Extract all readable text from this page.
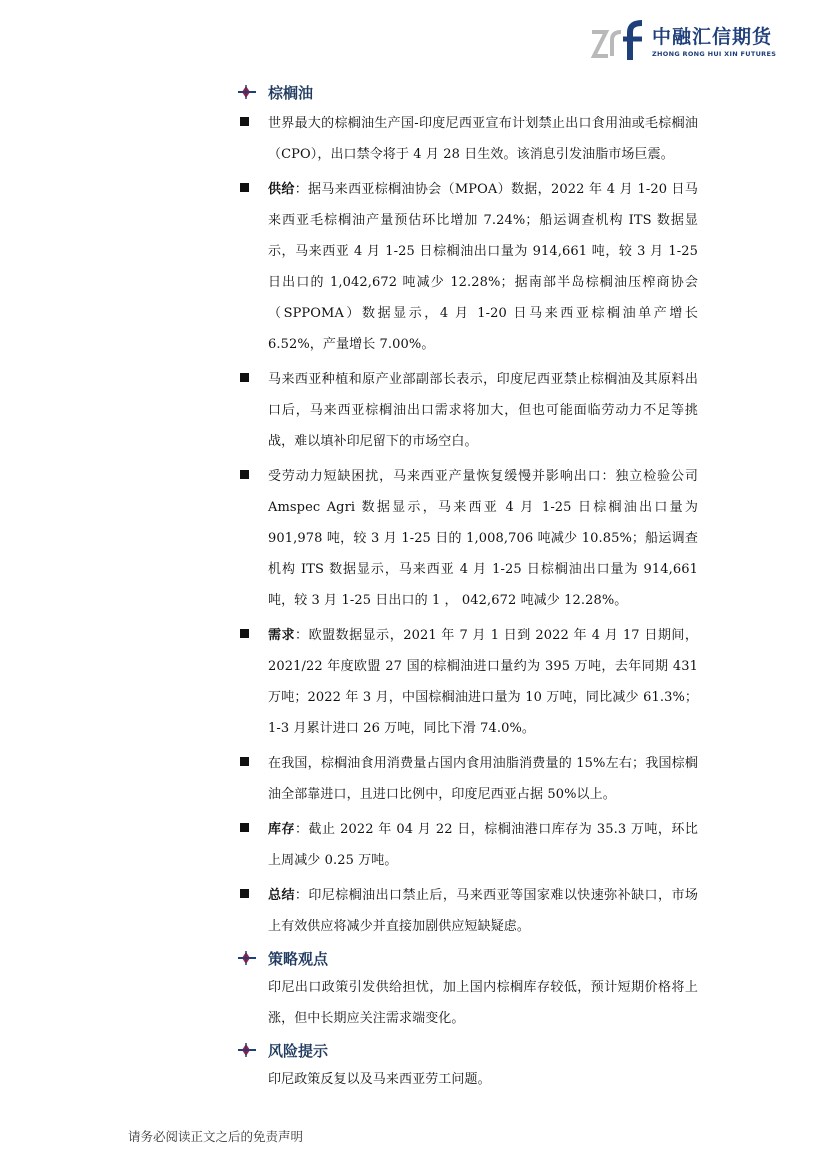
中融汇信期货
ZHONG RONG HUI XIN FUTURES
棕榈油

世界最大的棕榈油生产国-印度尼西亚宣布计划禁止出口食用油或毛棕榈油（CPO），出口禁令将于 4 月 28 日生效。该消息引发油脂市场巨震。

供给：据马来西亚棕榈油协会（MPOA）数据，2022 年 4 月 1-20 日马来西亚毛棕榈油产量预估环比增加 7.24%；船运调查机构 ITS 数据显示，马来西亚 4 月 1-25 日棕榈油出口量为 914,661 吨，较 3 月 1-25 日出口的 1,042,672 吨减少 12.28%；据南部半岛棕榈油压榨商协会（SPPOMA）数据显示，4 月 1-20 日马来西亚棕榈油单产增长 6.52%，产量增长 7.00%。

马来西亚种植和原产业部副部长表示，印度尼西亚禁止棕榈油及其原料出口后，马来西亚棕榈油出口需求将加大，但也可能面临劳动力不足等挑战，难以填补印尼留下的市场空白。

受劳动力短缺困扰，马来西亚产量恢复缓慢并影响出口：独立检验公司 Amspec Agri 数据显示，马来西亚 4 月 1-25 日棕榈油出口量为 901,978 吨，较 3 月 1-25 日的 1,008,706 吨减少 10.85%；船运调查机构 ITS 数据显示，马来西亚 4 月 1-25 日棕榈油出口量为 914,661 吨，较 3 月 1-25 日出口的 1 ， 042,672 吨减少 12.28%。

需求：欧盟数据显示，2021 年 7 月 1 日到 2022 年 4 月 17 日期间，2021/22 年度欧盟 27 国的棕榈油进口量约为 395 万吨，去年同期 431 万吨；2022 年 3 月，中国棕榈油进口量为 10 万吨，同比减少 61.3%；1-3 月累计进口 26 万吨，同比下滑 74.0%。

在我国，棕榈油食用消费量占国内食用油脂消费量的 15%左右；我国棕榈油全部靠进口，且进口比例中，印度尼西亚占据 50%以上。

库存：截止 2022 年 04 月 22 日，棕榈油港口库存为 35.3 万吨，环比上周减少 0.25 万吨。

总结：印尼棕榈油出口禁止后，马来西亚等国家难以快速弥补缺口，市场上有效供应将减少并直接加剧供应短缺疑虑。

策略观点

印尼出口政策引发供给担忧，加上国内棕榈库存较低，预计短期价格将上涨，但中长期应关注需求端变化。

风险提示

印尼政策反复以及马来西亚劳工问题。

请务必阅读正文之后的免责声明
